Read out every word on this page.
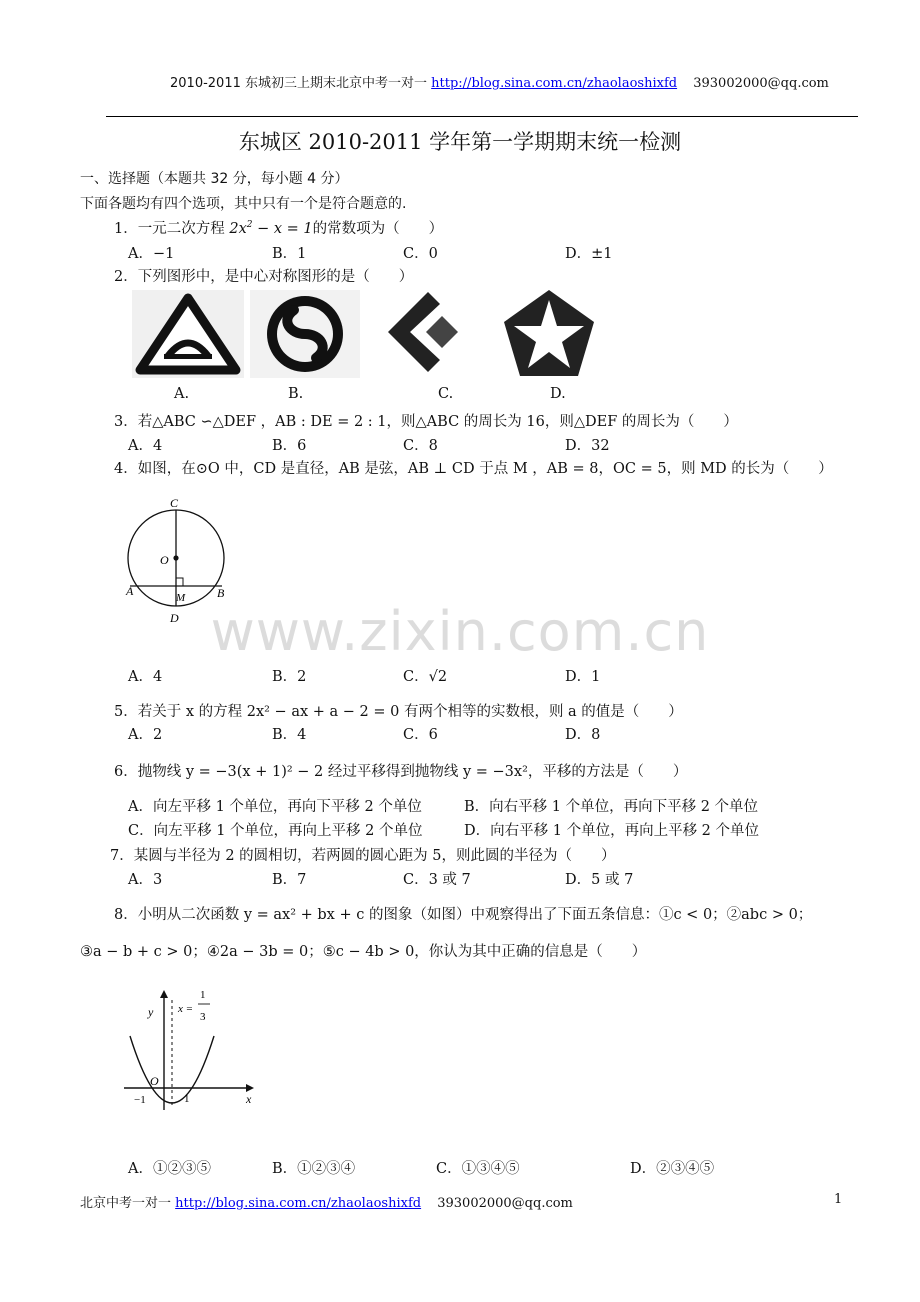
2010-2011 东城初三上期末北京中考一对一 http://blog.sina.com.cn/zhaolaoshixfd 393002000@qq.com
东城区 2010-2011 学年第一学期期末统一检测
一、选择题（本题共 32 分，每小题 4 分）
下面各题均有四个选项，其中只有一个是符合题意的.
1．一元二次方程 $2x^2 - x = 1$的常数项为（　　）
A．−1	B．1	C．0	D．±1
2．下列图形中，是中心对称图形的是（　　）
A.	B.	C.	D.
3．若△ABC ∽△DEF ，AB : DE = 2 : 1，则△ABC 的周长为 16，则△DEF 的周长为（　　）
A．4	B．6	C．8	D．32
4．如图，在⊙O 中，CD 是直径，AB 是弦，AB ⊥ CD 于点 M ，AB = 8，OC = 5，则 MD 的长为（　　）
C
O
A	B
M
D
A．4	B．2	C．√2	D．1
www.zixin.com.cn
5．若关于 x 的方程 2x² − ax + a − 2 = 0 有两个相等的实数根，则 a 的值是（　　）
A．2	B．4	C．6	D．8
6．抛物线 y = −3(x + 1)² − 2 经过平移得到抛物线 y = −3x²，平移的方法是（　　）
A．向左平移 1 个单位，再向下平移 2 个单位	B．向右平移 1 个单位，再向下平移 2 个单位
C．向左平移 1 个单位，再向上平移 2 个单位	D．向右平移 1 个单位，再向上平移 2 个单位
7．某圆与半径为 2 的圆相切，若两圆的圆心距为 5，则此圆的半径为（　　）
A．3	B．7	C．3 或 7	D．5 或 7
8．小明从二次函数 y = ax² + bx + c 的图象（如图）中观察得出了下面五条信息：①c < 0；②abc > 0；
③a − b + c > 0；④2a − 3b = 0；⑤c − 4b > 0，你认为其中正确的信息是（　　）
y
x
O
−1	1
x =
1
3
A．①②③⑤	B．①②③④	C．①③④⑤	D．②③④⑤
北京中考一对一 http://blog.sina.com.cn/zhaolaoshixfd 393002000@qq.com	1
